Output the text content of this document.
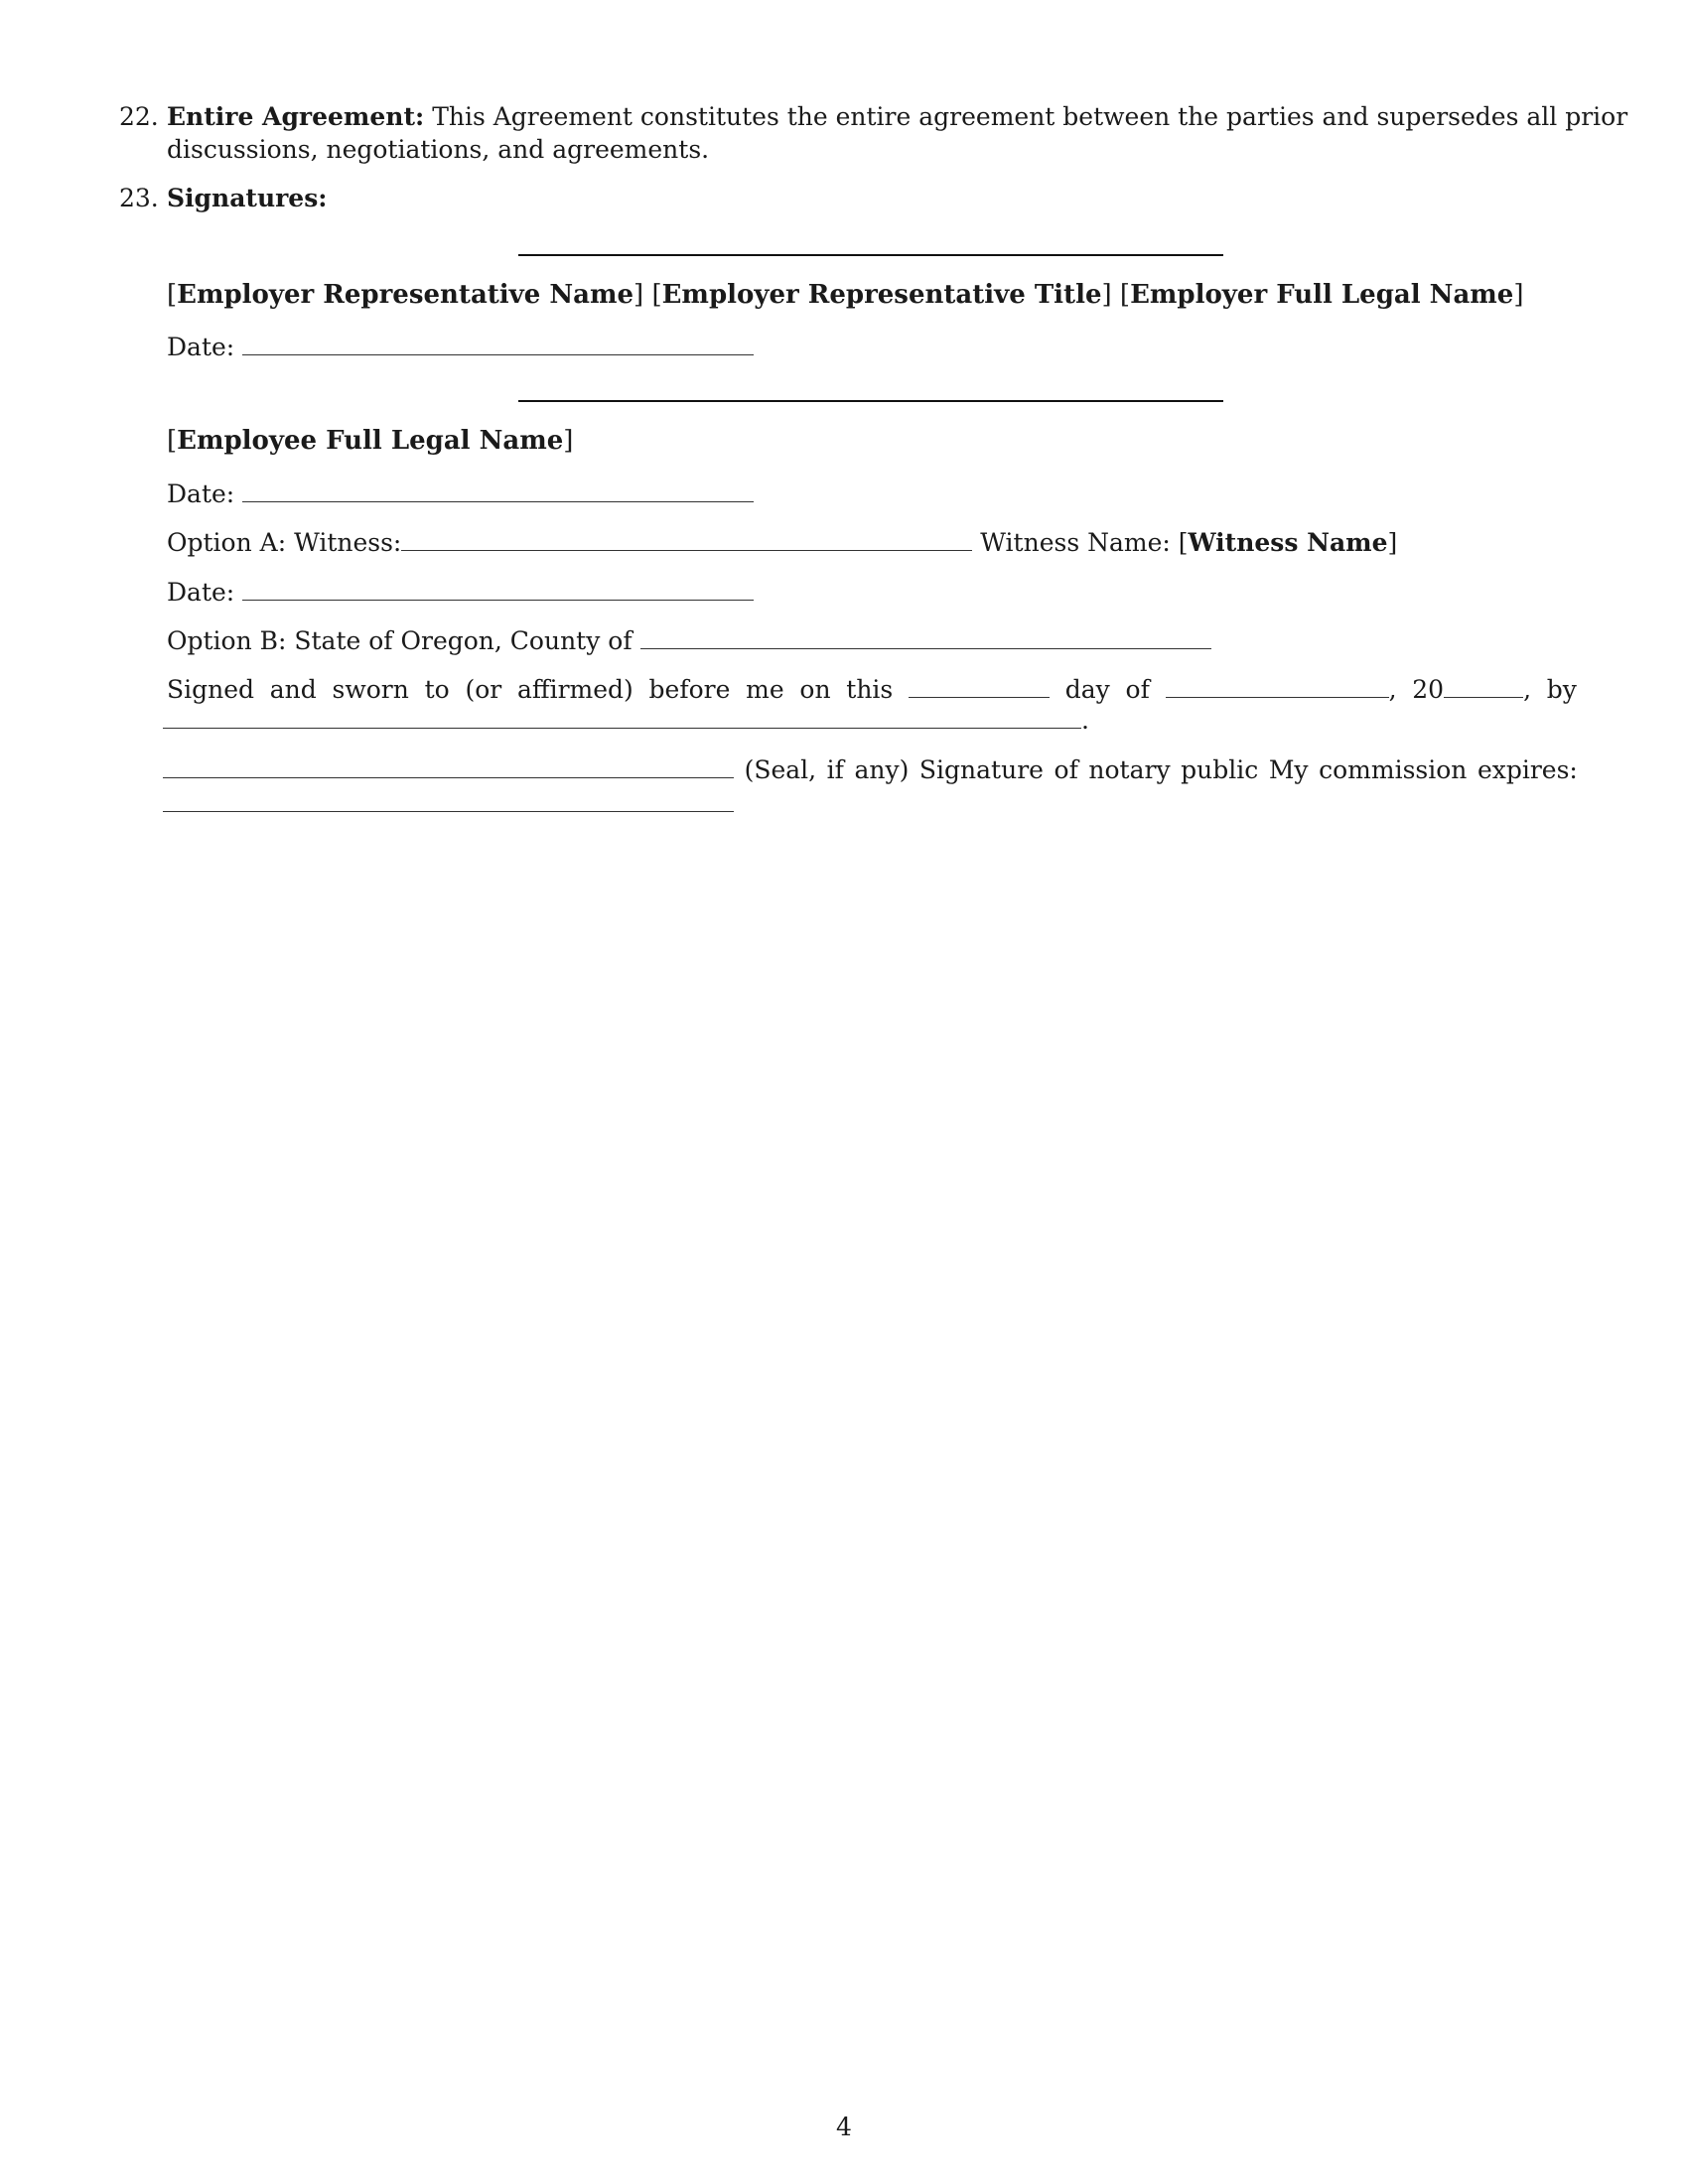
22. Entire Agreement: This Agreement constitutes the entire agreement between the parties and supersedes all prior
discussions, negotiations, and agreements.
23. Signatures:
[Employer Representative Name] [Employer Representative Title] [Employer Full Legal Name]
Date:
[Employee Full Legal Name]
Date:
Option A: Witness:	Witness Name: [Witness Name]
Date:
Option B: State of Oregon, County of
Signed and sworn to (or affirmed) before me on this	day of	, 20	, by
.
(Seal, if any) Signature of notary public My commission expires:
4
